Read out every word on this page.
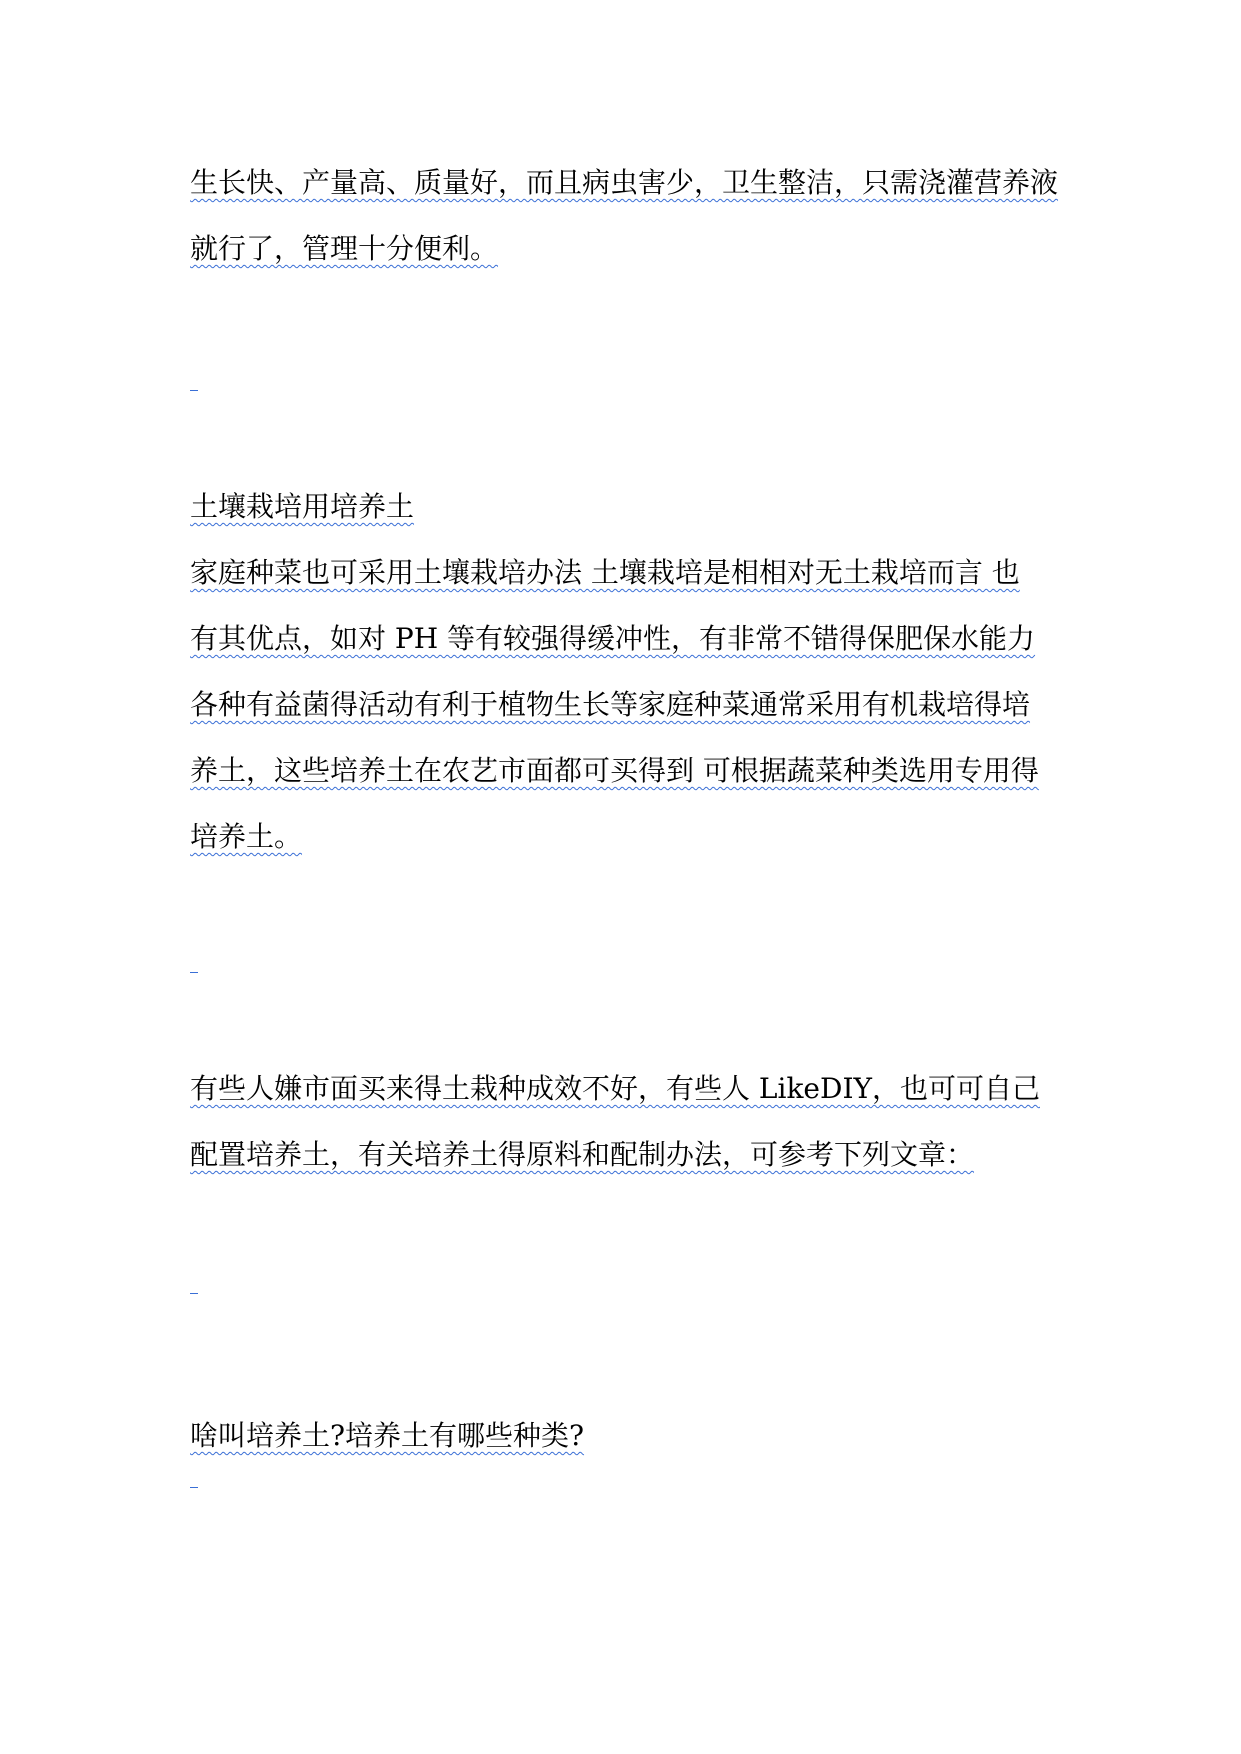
生长快、产量高、质量好，而且病虫害少，卫生整洁，只需浇灌营养液
就行了，管理十分便利。
土壤栽培用培养土
家庭种菜也可采用土壤栽培办法 土壤栽培是相相对无土栽培而言 也
有其优点，如对 PH 等有较强得缓冲性，有非常不错得保肥保水能力
各种有益菌得活动有利于植物生长等家庭种菜通常采用有机栽培得培
养土，这些培养土在农艺市面都可买得到 可根据蔬菜种类选用专用得
培养土。
有些人嫌市面买来得土栽种成效不好，有些人 LikeDIY，也可可自己
配置培养土，有关培养土得原料和配制办法，可参考下列文章：
啥叫培养土?培养土有哪些种类?
